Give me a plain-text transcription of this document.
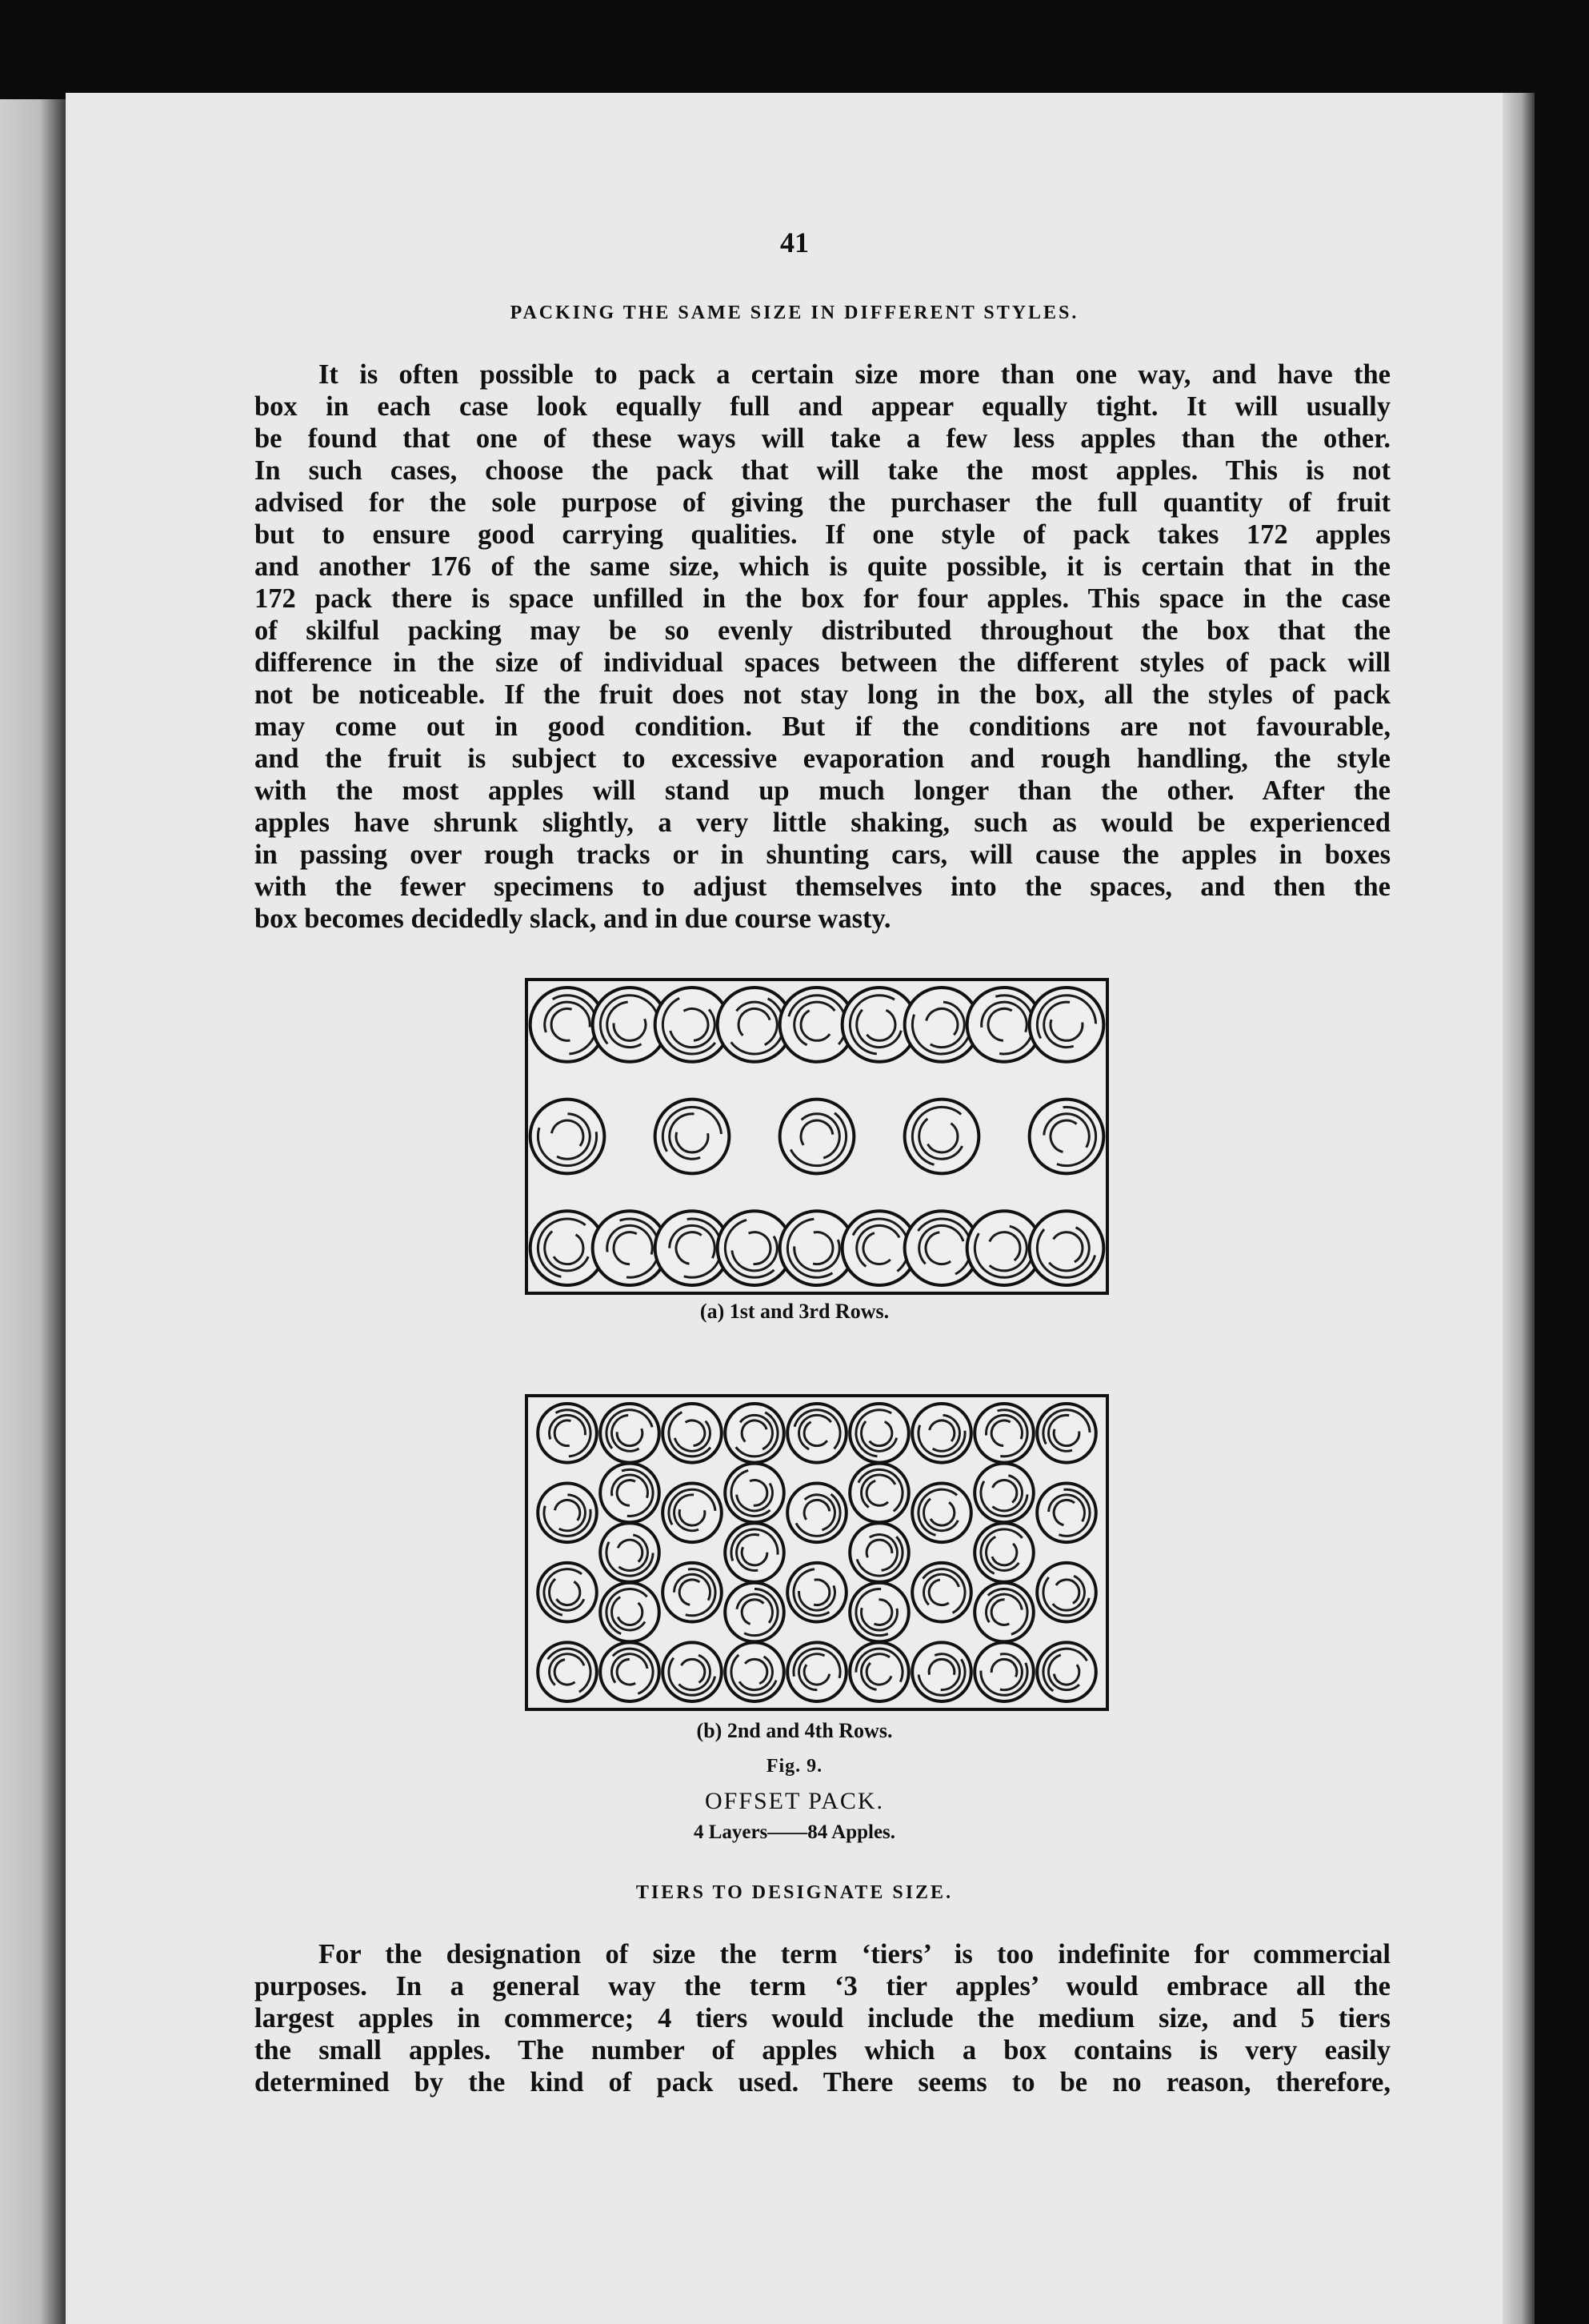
41
PACKING THE SAME SIZE IN DIFFERENT STYLES.
It is often possible to pack a certain size more than one way, and have the
box in each case look equally full and appear equally tight. It will usually
be found that one of these ways will take a few less apples than the other.
In such cases, choose the pack that will take the most apples. This is not
advised for the sole purpose of giving the purchaser the full quantity of fruit
but to ensure good carrying qualities. If one style of pack takes 172 apples
and another 176 of the same size, which is quite possible, it is certain that in the
172 pack there is space unfilled in the box for four apples. This space in the case
of skilful packing may be so evenly distributed throughout the box that the
difference in the size of individual spaces between the different styles of pack will
not be noticeable. If the fruit does not stay long in the box, all the styles of pack
may come out in good condition. But if the conditions are not favourable,
and the fruit is subject to excessive evaporation and rough handling, the style
with the most apples will stand up much longer than the other. After the
apples have shrunk slightly, a very little shaking, such as would be experienced
in passing over rough tracks or in shunting cars, will cause the apples in boxes
with the fewer specimens to adjust themselves into the spaces, and then the
box becomes decidedly slack, and in due course wasty.
(a) 1st and 3rd Rows.
(b) 2nd and 4th Rows.
Fig. 9.
OFFSET PACK.
4 Layers——84 Apples.
TIERS TO DESIGNATE SIZE.
For the designation of size the term ‘tiers’ is too indefinite for commercial
purposes. In a general way the term ‘3 tier apples’ would embrace all the
largest apples in commerce; 4 tiers would include the medium size, and 5 tiers
the small apples. The number of apples which a box contains is very easily
determined by the kind of pack used. There seems to be no reason, therefore,
